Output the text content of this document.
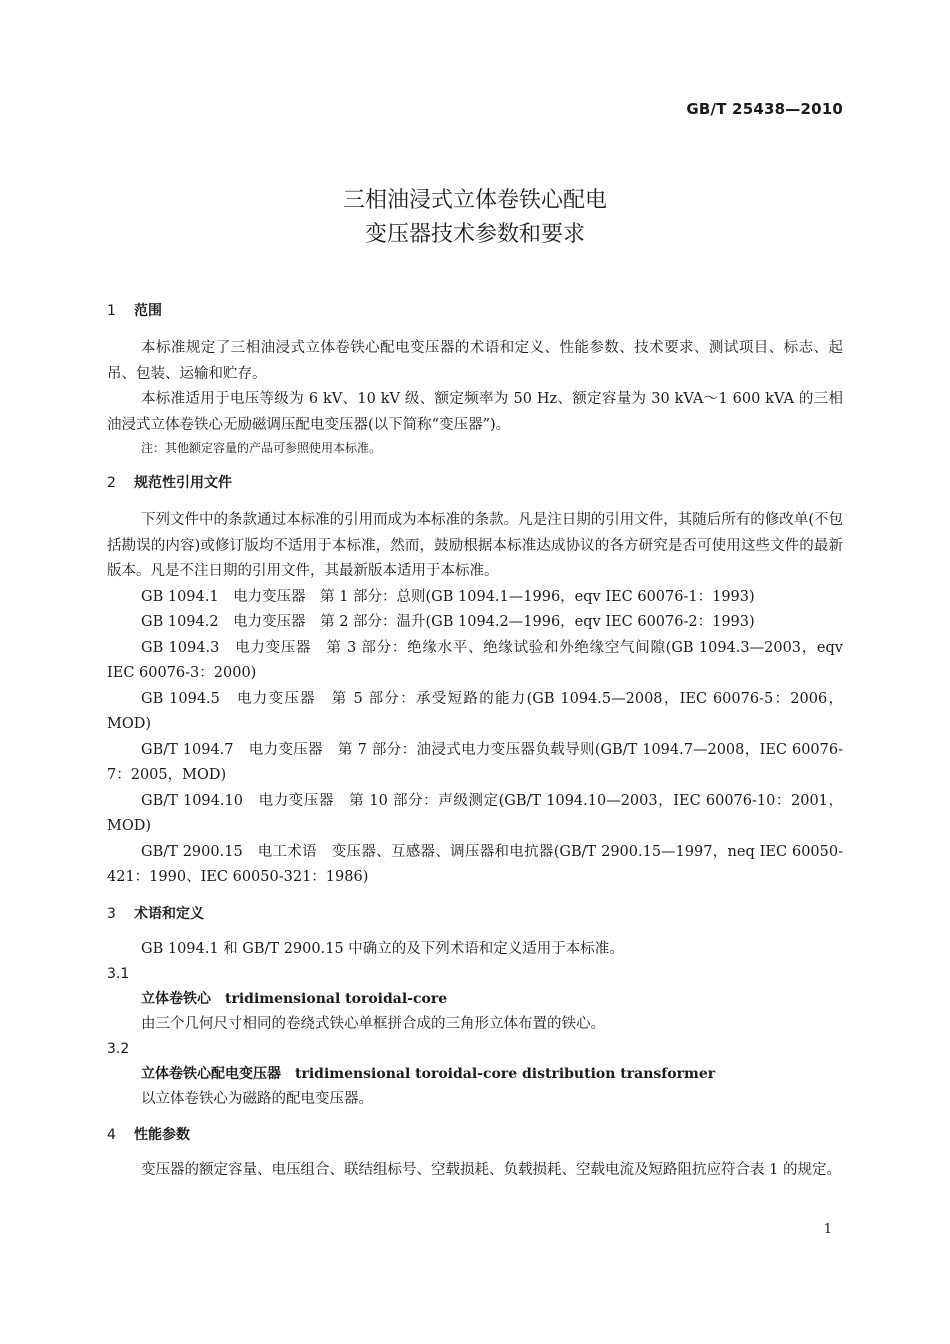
GB/T 25438—2010
三相油浸式立体卷铁心配电
变压器技术参数和要求
1 范围

本标准规定了三相油浸式立体卷铁心配电变压器的术语和定义、性能参数、技术要求、测试项目、标志、起吊、包装、运输和贮存。

本标准适用于电压等级为 6 kV、10 kV 级、额定频率为 50 Hz、额定容量为 30 kVA～1 600 kVA 的三相油浸式立体卷铁心无励磁调压配电变压器(以下简称“变压器”)。

注：其他额定容量的产品可参照使用本标准。
2 规范性引用文件

下列文件中的条款通过本标准的引用而成为本标准的条款。凡是注日期的引用文件，其随后所有的修改单(不包括勘误的内容)或修订版均不适用于本标准，然而，鼓励根据本标准达成协议的各方研究是否可使用这些文件的最新版本。凡是不注日期的引用文件，其最新版本适用于本标准。

GB 1094.1　电力变压器　第 1 部分：总则(GB 1094.1—1996，eqv IEC 60076-1：1993)

GB 1094.2　电力变压器　第 2 部分：温升(GB 1094.2—1996，eqv IEC 60076-2：1993)

GB 1094.3　电力变压器　第 3 部分：绝缘水平、绝缘试验和外绝缘空气间隙(GB 1094.3—2003，eqv IEC 60076-3：2000)

GB 1094.5　电力变压器　第 5 部分：承受短路的能力(GB 1094.5—2008，IEC 60076-5：2006，MOD)

GB/T 1094.7　电力变压器　第 7 部分：油浸式电力变压器负载导则(GB/T 1094.7—2008，IEC 60076-7：2005，MOD)

GB/T 1094.10　电力变压器　第 10 部分：声级测定(GB/T 1094.10—2003，IEC 60076-10：2001，MOD)

GB/T 2900.15　电工术语　变压器、互感器、调压器和电抗器(GB/T 2900.15—1997，neq IEC 60050-421：1990、IEC 60050-321：1986)

3 术语和定义

GB 1094.1 和 GB/T 2900.15 中确立的及下列术语和定义适用于本标准。

3.1
立体卷铁心 tridimensional toroidal-core
由三个几何尺寸相同的卷绕式铁心单框拼合成的三角形立体布置的铁心。
3.2
立体卷铁心配电变压器 tridimensional toroidal-core distribution transformer
以立体卷铁心为磁路的配电变压器。
4 性能参数

变压器的额定容量、电压组合、联结组标号、空载损耗、负载损耗、空载电流及短路阻抗应符合表 1 的规定。

1
